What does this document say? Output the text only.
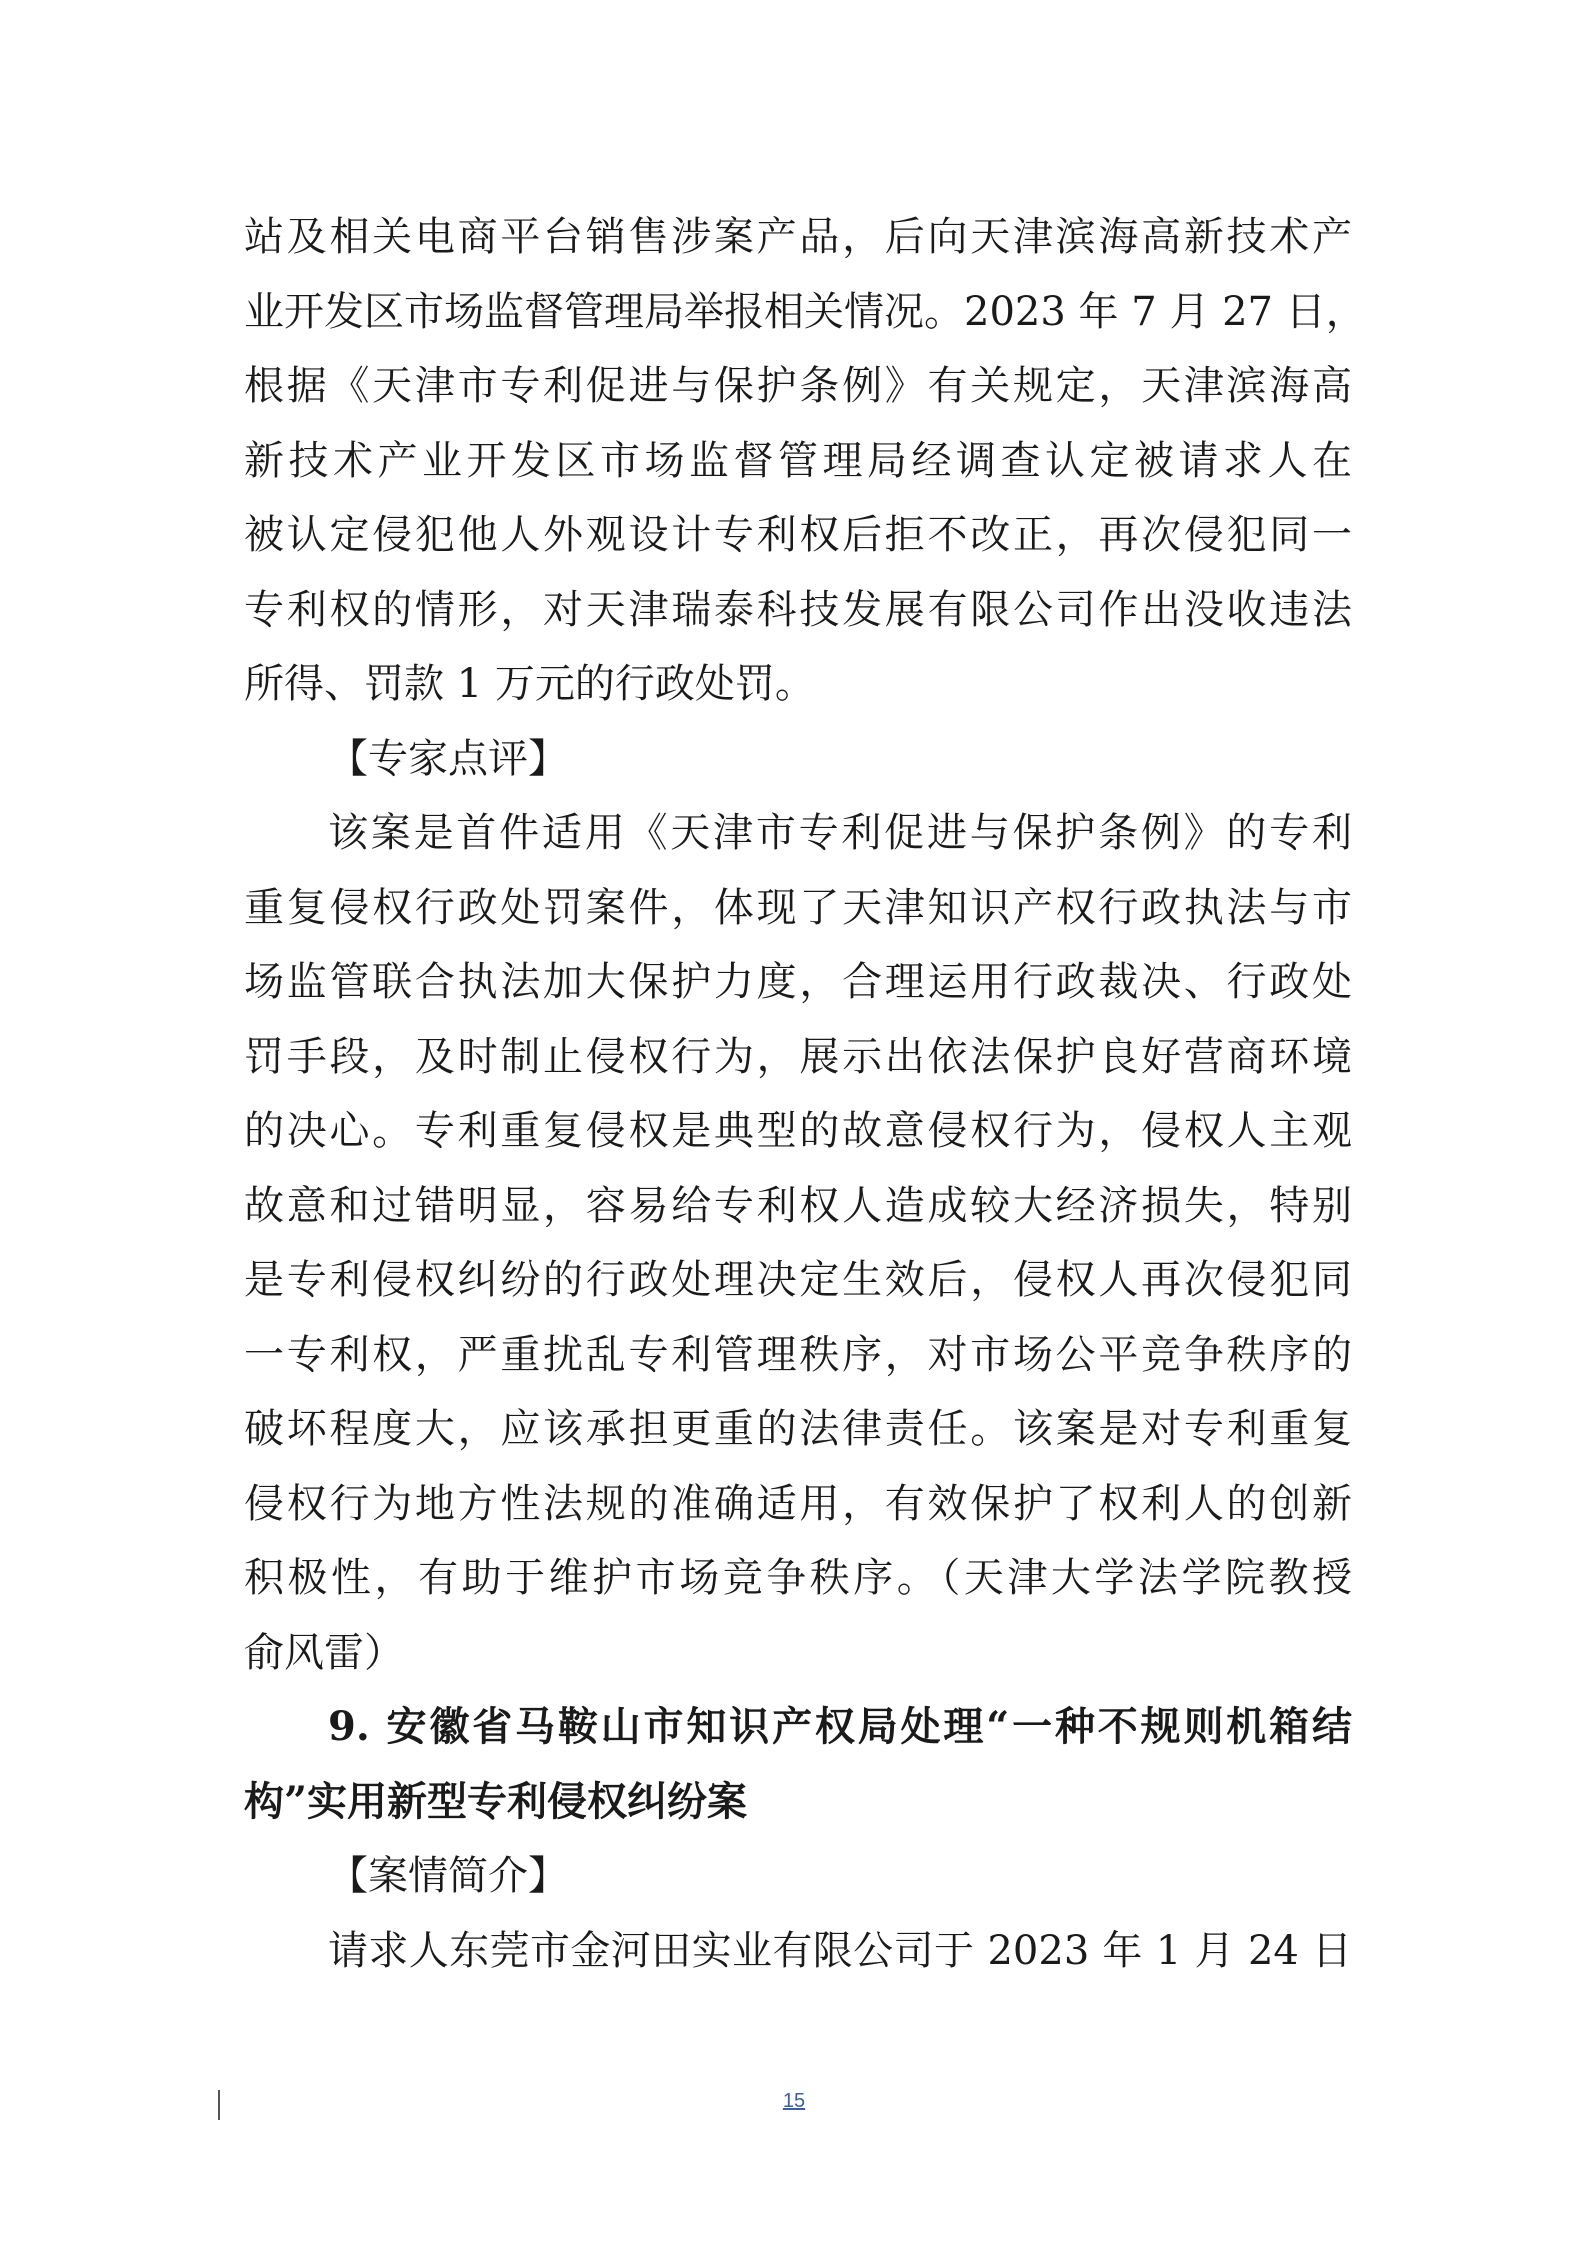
站及相关电商平台销售涉案产品，后向天津滨海高新技术产
业开发区市场监督管理局举报相关情况。2023 年 7 月 27 日，
根据《天津市专利促进与保护条例》有关规定，天津滨海高
新技术产业开发区市场监督管理局经调查认定被请求人在
被认定侵犯他人外观设计专利权后拒不改正，再次侵犯同一
专利权的情形，对天津瑞泰科技发展有限公司作出没收违法
所得、罚款 1 万元的行政处罚。
【专家点评】
该案是首件适用《天津市专利促进与保护条例》的专利
重复侵权行政处罚案件，体现了天津知识产权行政执法与市
场监管联合执法加大保护力度，合理运用行政裁决、行政处
罚手段，及时制止侵权行为，展示出依法保护良好营商环境
的决心。专利重复侵权是典型的故意侵权行为，侵权人主观
故意和过错明显，容易给专利权人造成较大经济损失，特别
是专利侵权纠纷的行政处理决定生效后，侵权人再次侵犯同
一专利权，严重扰乱专利管理秩序，对市场公平竞争秩序的
破坏程度大，应该承担更重的法律责任。该案是对专利重复
侵权行为地方性法规的准确适用，有效保护了权利人的创新
积极性，有助于维护市场竞争秩序。（天津大学法学院教授
俞风雷）
9. 安徽省马鞍山市知识产权局处理“一种不规则机箱结
构”实用新型专利侵权纠纷案
【案情简介】
请求人东莞市金河田实业有限公司于 2023 年 1 月 24 日
15
